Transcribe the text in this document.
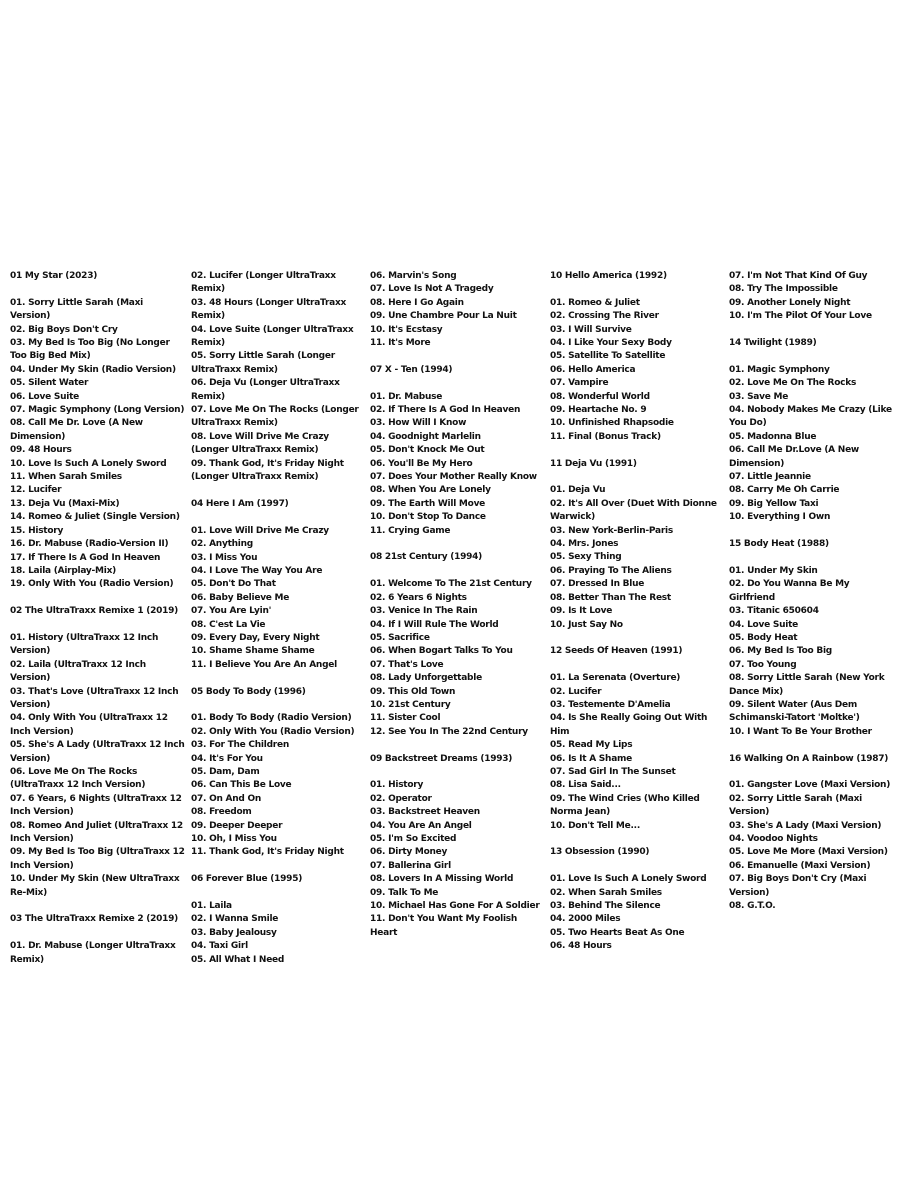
01 My Star (2023)
01. Sorry Little Sarah (Maxi Version)
02. Big Boys Don't Cry
03. My Bed Is Too Big (No Longer Too Big Bed Mix)
04. Under My Skin (Radio Version)
05. Silent Water
06. Love Suite
07. Magic Symphony (Long Version)
08. Call Me Dr. Love (A New Dimension)
09. 48 Hours
10. Love Is Such A Lonely Sword
11. When Sarah Smiles
12. Lucifer
13. Deja Vu (Maxi-Mix)
14. Romeo & Juliet (Single Version)
15. History
16. Dr. Mabuse (Radio-Version II)
17. If There Is A God In Heaven
18. Laila (Airplay-Mix)
19. Only With You (Radio Version)
02 The UltraTraxx Remixe 1 (2019)
01. History (UltraTraxx 12 Inch Version)
02. Laila (UltraTraxx 12 Inch Version)
03. That's Love (UltraTraxx 12 Inch Version)
04. Only With You (UltraTraxx 12 Inch Version)
05. She's A Lady (UltraTraxx 12 Inch Version)
06. Love Me On The Rocks (UltraTraxx 12 Inch Version)
07. 6 Years, 6 Nights (UltraTraxx 12 Inch Version)
08. Romeo And Juliet (UltraTraxx 12 Inch Version)
09. My Bed Is Too Big (UltraTraxx 12 Inch Version)
10. Under My Skin (New UltraTraxx Re-Mix)
03 The UltraTraxx Remixe 2 (2019)
01. Dr. Mabuse (Longer UltraTraxx Remix)
02. Lucifer (Longer UltraTraxx Remix)
03. 48 Hours (Longer UltraTraxx Remix)
04. Love Suite (Longer UltraTraxx Remix)
05. Sorry Little Sarah (Longer UltraTraxx Remix)
06. Deja Vu (Longer UltraTraxx Remix)
07. Love Me On The Rocks (Longer UltraTraxx Remix)
08. Love Will Drive Me Crazy (Longer UltraTraxx Remix)
09. Thank God, It's Friday Night (Longer UltraTraxx Remix)
04 Here I Am (1997)
01. Love Will Drive Me Crazy
02. Anything
03. I Miss You
04. I Love The Way You Are
05. Don't Do That
06. Baby Believe Me
07. You Are Lyin'
08. C'est La Vie
09. Every Day, Every Night
10. Shame Shame Shame
11. I Believe You Are An Angel
05 Body To Body (1996)
01. Body To Body (Radio Version)
02. Only With You (Radio Version)
03. For The Children
04. It's For You
05. Dam, Dam
06. Can This Be Love
07. On And On
08. Freedom
09. Deeper Deeper
10. Oh, I Miss You
11. Thank God, It's Friday Night
06 Forever Blue (1995)
01. Laila
02. I Wanna Smile
03. Baby Jealousy
04. Taxi Girl
05. All What I Need
06. Marvin's Song
07. Love Is Not A Tragedy
08. Here I Go Again
09. Une Chambre Pour La Nuit
10. It's Ecstasy
11. It's More
07 X - Ten (1994)
01. Dr. Mabuse
02. If There Is A God In Heaven
03. How Will I Know
04. Goodnight Marlelin
05. Don't Knock Me Out
06. You'll Be My Hero
07. Does Your Mother Really Know
08. When You Are Lonely
09. The Earth Will Move
10. Don't Stop To Dance
11. Crying Game
08 21st Century (1994)
01. Welcome To The 21st Century
02. 6 Years 6 Nights
03. Venice In The Rain
04. If I Will Rule The World
05. Sacrifice
06. When Bogart Talks To You
07. That's Love
08. Lady Unforgettable
09. This Old Town
10. 21st Century
11. Sister Cool
12. See You In The 22nd Century
09 Backstreet Dreams (1993)
01. History
02. Operator
03. Backstreet Heaven
04. You Are An Angel
05. I'm So Excited
06. Dirty Money
07. Ballerina Girl
08. Lovers In A Missing World
09. Talk To Me
10. Michael Has Gone For A Soldier
11. Don't You Want My Foolish Heart
10 Hello America (1992)
01. Romeo & Juliet
02. Crossing The River
03. I Will Survive
04. I Like Your Sexy Body
05. Satellite To Satellite
06. Hello America
07. Vampire
08. Wonderful World
09. Heartache No. 9
10. Unfinished Rhapsodie
11. Final (Bonus Track)
11 Deja Vu (1991)
01. Deja Vu
02. It's All Over (Duet With Dionne Warwick)
03. New York-Berlin-Paris
04. Mrs. Jones
05. Sexy Thing
06. Praying To The Aliens
07. Dressed In Blue
08. Better Than The Rest
09. Is It Love
10. Just Say No
12 Seeds Of Heaven (1991)
01. La Serenata (Overture)
02. Lucifer
03. Testemente D'Amelia
04. Is She Really Going Out With Him
05. Read My Lips
06. Is It A Shame
07. Sad Girl In The Sunset
08. Lisa Said...
09. The Wind Cries (Who Killed Norma Jean)
10. Don't Tell Me...
13 Obsession (1990)
01. Love Is Such A Lonely Sword
02. When Sarah Smiles
03. Behind The Silence
04. 2000 Miles
05. Two Hearts Beat As One
06. 48 Hours
07. I'm Not That Kind Of Guy
08. Try The Impossible
09. Another Lonely Night
10. I'm The Pilot Of Your Love
14 Twilight (1989)
01. Magic Symphony
02. Love Me On The Rocks
03. Save Me
04. Nobody Makes Me Crazy (Like You Do)
05. Madonna Blue
06. Call Me Dr.Love (A New Dimension)
07. Little Jeannie
08. Carry Me Oh Carrie
09. Big Yellow Taxi
10. Everything I Own
15 Body Heat (1988)
01. Under My Skin
02. Do You Wanna Be My Girlfriend
03. Titanic 650604
04. Love Suite
05. Body Heat
06. My Bed Is Too Big
07. Too Young
08. Sorry Little Sarah (New York Dance Mix)
09. Silent Water (Aus Dem Schimanski-Tatort 'Moltke')
10. I Want To Be Your Brother
16 Walking On A Rainbow (1987)
01. Gangster Love (Maxi Version)
02. Sorry Little Sarah (Maxi Version)
03. She's A Lady (Maxi Version)
04. Voodoo Nights
05. Love Me More (Maxi Version)
06. Emanuelle (Maxi Version)
07. Big Boys Don't Cry (Maxi Version)
08. G.T.O.
